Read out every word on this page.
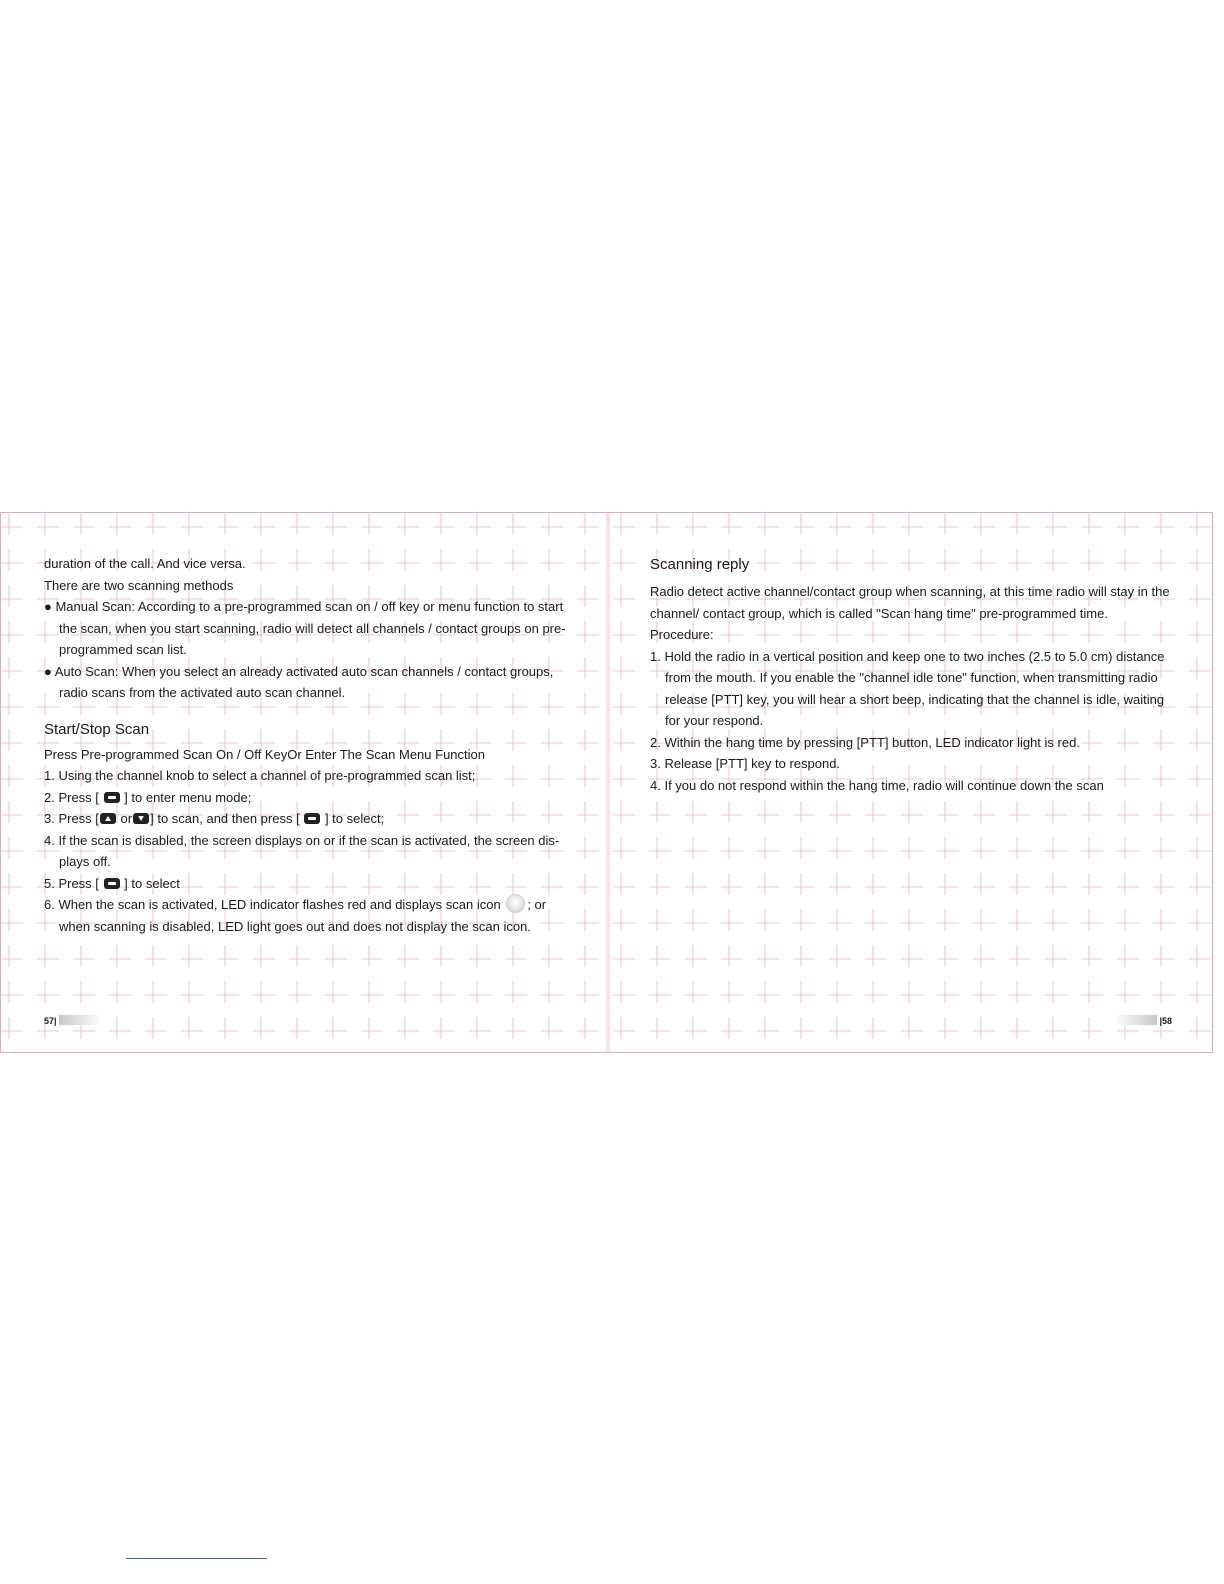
duration of the call. And vice versa.

There are two scanning methods

● Manual Scan: According to a pre-programmed scan on / off key or menu function to start

the scan, when you start scanning, radio will detect all channels / contact groups on pre-

programmed scan list.

● Auto Scan: When you select an already activated auto scan channels / contact groups,

radio scans from the activated auto scan channel.

Start/Stop Scan

Press Pre-programmed Scan On / Off KeyOr Enter The Scan Menu Function

1. Using the channel knob to select a channel of pre-programmed scan list;

2. Press [ ] to enter menu mode;

3. Press [ or ] to scan, and then press [ ] to select;

4. If the scan is disabled, the screen displays on or if the scan is activated, the screen dis-

plays off.

5. Press [ ] to select

6. When the scan is activated, LED indicator flashes red and displays scan icon ; or

when scanning is disabled, LED light goes out and does not display the scan icon.

57|
Scanning reply

Radio detect active channel/contact group when scanning, at this time radio will stay in the

channel/ contact group, which is called "Scan hang time" pre-programmed time.

Procedure:

1. Hold the radio in a vertical position and keep one to two inches (2.5 to 5.0 cm) distance

from the mouth. If you enable the "channel idle tone" function, when transmitting radio

release [PTT] key, you will hear a short beep, indicating that the channel is idle, waiting

for your respond.

2. Within the hang time by pressing [PTT] button, LED indicator light is red.

3. Release [PTT] key to respond.

4. If you do not respond within the hang time, radio will continue down the scan

|58
